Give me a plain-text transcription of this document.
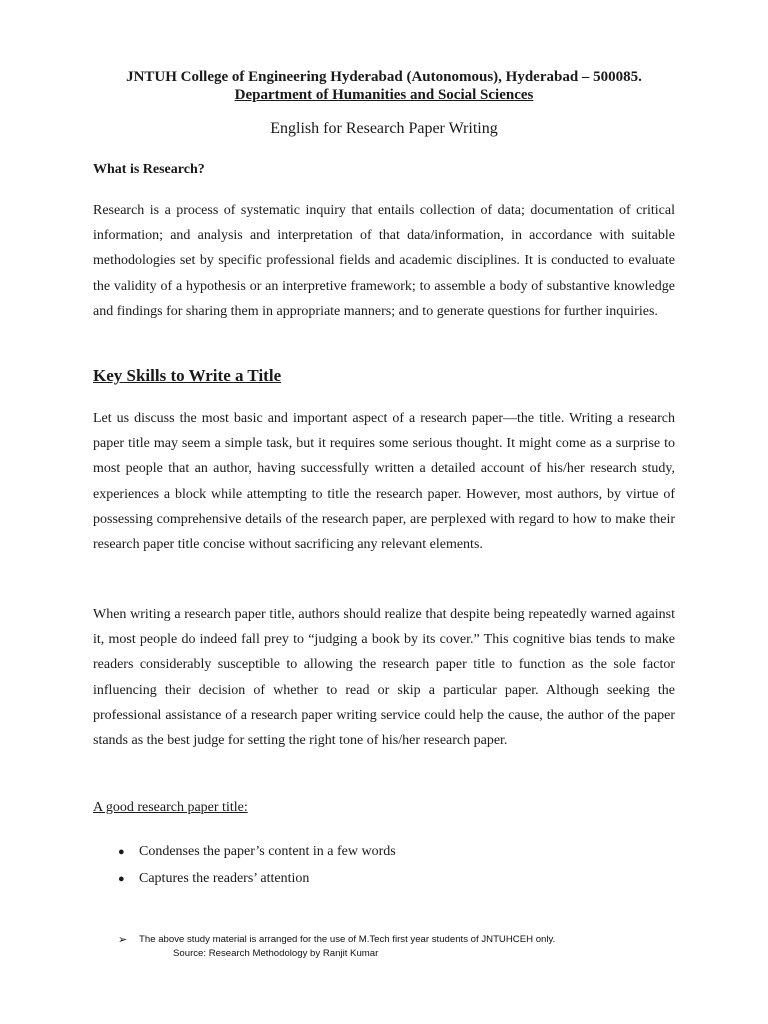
JNTUH College of Engineering Hyderabad (Autonomous), Hyderabad – 500085.
Department of Humanities and Social Sciences
English for Research Paper Writing
What is Research?

Research is a process of systematic inquiry that entails collection of data; documentation of critical information; and analysis and interpretation of that data/information, in accordance with suitable methodologies set by specific professional fields and academic disciplines. It is conducted to evaluate the validity of a hypothesis or an interpretive framework; to assemble a body of substantive knowledge and findings for sharing them in appropriate manners; and to generate questions for further inquiries.

Key Skills to Write a Title

Let us discuss the most basic and important aspect of a research paper—the title. Writing a research paper title may seem a simple task, but it requires some serious thought. It might come as a surprise to most people that an author, having successfully written a detailed account of his/her research study, experiences a block while attempting to title the research paper. However, most authors, by virtue of possessing comprehensive details of the research paper, are perplexed with regard to how to make their research paper title concise without sacrificing any relevant elements.

When writing a research paper title, authors should realize that despite being repeatedly warned against it, most people do indeed fall prey to “judging a book by its cover.” This cognitive bias tends to make readers considerably susceptible to allowing the research paper title to function as the sole factor influencing their decision of whether to read or skip a particular paper. Although seeking the professional assistance of a research paper writing service could help the cause, the author of the paper stands as the best judge for setting the right tone of his/her research paper.

A good research paper title:
● Condenses the paper’s content in a few words
● Captures the readers’ attention
➢ The above study material is arranged for the use of M.Tech first year students of JNTUHCEH only.
Source: Research Methodology by Ranjit Kumar
